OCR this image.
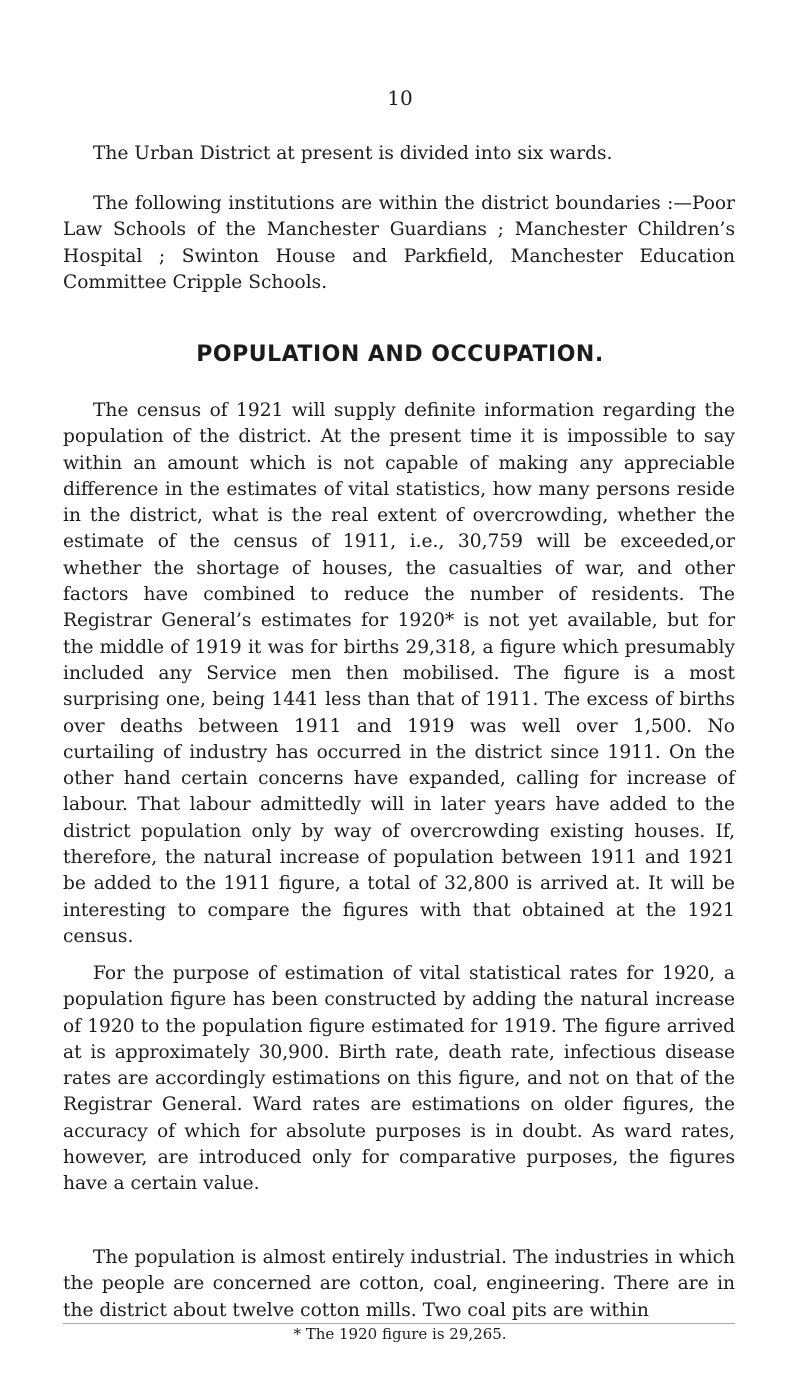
10

The Urban District at present is divided into six wards.

The following institutions are within the district boundaries :—Poor Law Schools of the Manchester Guardians ; Manchester Children’s Hospital ; Swinton House and Parkfield, Manchester Education Committee Cripple Schools.

POPULATION AND OCCUPATION.

The census of 1921 will supply definite information regarding the population of the district. At the present time it is impossible to say within an amount which is not capable of making any appreciable difference in the estimates of vital statistics, how many persons reside in the district, what is the real extent of overcrowding, whether the estimate of the census of 1911, i.e., 30,759 will be exceeded,or whether the shortage of houses, the casualties of war, and other factors have combined to reduce the number of residents. The Registrar General’s estimates for 1920* is not yet available, but for the middle of 1919 it was for births 29,318, a figure which presumably included any Service men then mobilised. The figure is a most surprising one, being 1441 less than that of 1911. The excess of births over deaths between 1911 and 1919 was well over 1,500. No curtailing of industry has occurred in the district since 1911. On the other hand certain concerns have expanded, calling for increase of labour. That labour admittedly will in later years have added to the district population only by way of overcrowding existing houses. If, therefore, the natural increase of population between 1911 and 1921 be added to the 1911 figure, a total of 32,800 is arrived at. It will be interesting to compare the figures with that obtained at the 1921 census.

For the purpose of estimation of vital statistical rates for 1920, a population figure has been constructed by adding the natural increase of 1920 to the population figure estimated for 1919. The figure arrived at is approximately 30,900. Birth rate, death rate, infectious disease rates are accordingly estimations on this figure, and not on that of the Registrar General. Ward rates are estimations on older figures, the accuracy of which for absolute purposes is in doubt. As ward rates, however, are introduced only for comparative purposes, the figures have a certain value.

The population is almost entirely industrial. The industries in which the people are concerned are cotton, coal, engineering. There are in the district about twelve cotton mills. Two coal pits are within

* The 1920 figure is 29,265.
